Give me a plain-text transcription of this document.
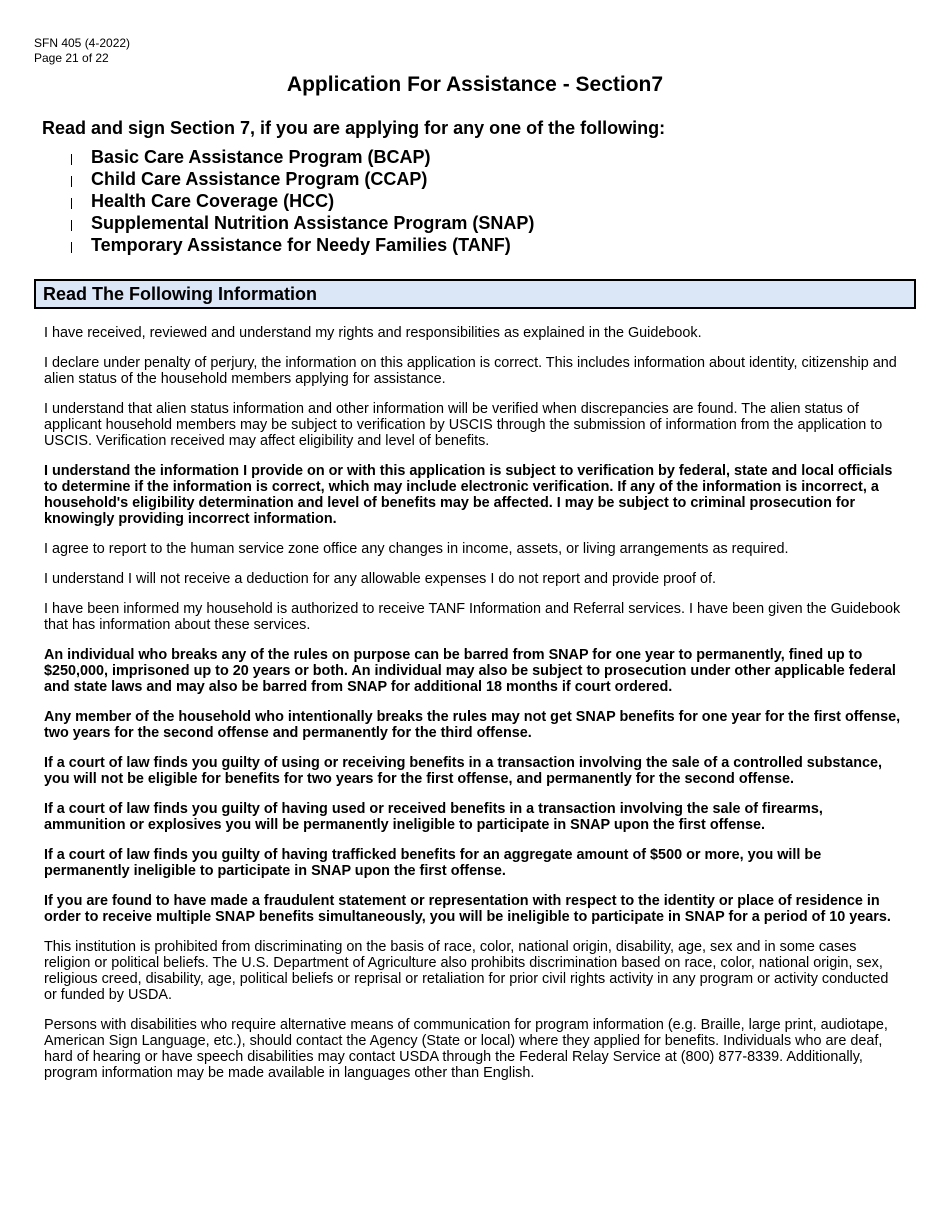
SFN 405 (4-2022)
Page 21 of 22
Application For Assistance - Section7

Read and sign Section 7, if you are applying for any one of the following:

Basic Care Assistance Program (BCAP)
Child Care Assistance Program (CCAP)
Health Care Coverage (HCC)
Supplemental Nutrition Assistance Program (SNAP)
Temporary Assistance for Needy Families (TANF)
Read The Following Information

I have received, reviewed and understand my rights and responsibilities as explained in the Guidebook.

I declare under penalty of perjury, the information on this application is correct. This includes information about identity, citizenship and alien status of the household members applying for assistance.

I understand that alien status information and other information will be verified when discrepancies are found. The alien status of applicant household members may be subject to verification by USCIS through the submission of information from the application to USCIS. Verification received may affect eligibility and level of benefits.

I understand the information I provide on or with this application is subject to verification by federal, state and local officials to determine if the information is correct, which may include electronic verification. If any of the information is incorrect, a household's eligibility determination and level of benefits may be affected. I may be subject to criminal prosecution for knowingly providing incorrect information.

I agree to report to the human service zone office any changes in income, assets, or living arrangements as required.

I understand I will not receive a deduction for any allowable expenses I do not report and provide proof of.

I have been informed my household is authorized to receive TANF Information and Referral services. I have been given the Guidebook that has information about these services.

An individual who breaks any of the rules on purpose can be barred from SNAP for one year to permanently, fined up to $250,000, imprisoned up to 20 years or both. An individual may also be subject to prosecution under other applicable federal and state laws and may also be barred from SNAP for additional 18 months if court ordered.

Any member of the household who intentionally breaks the rules may not get SNAP benefits for one year for the first offense, two years for the second offense and permanently for the third offense.

If a court of law finds you guilty of using or receiving benefits in a transaction involving the sale of a controlled substance, you will not be eligible for benefits for two years for the first offense, and permanently for the second offense.

If a court of law finds you guilty of having used or received benefits in a transaction involving the sale of firearms, ammunition or explosives you will be permanently ineligible to participate in SNAP upon the first offense.

If a court of law finds you guilty of having trafficked benefits for an aggregate amount of $500 or more, you will be permanently ineligible to participate in SNAP upon the first offense.

If you are found to have made a fraudulent statement or representation with respect to the identity or place of residence in order to receive multiple SNAP benefits simultaneously, you will be ineligible to participate in SNAP for a period of 10 years.

This institution is prohibited from discriminating on the basis of race, color, national origin, disability, age, sex and in some cases religion or political beliefs. The U.S. Department of Agriculture also prohibits discrimination based on race, color, national origin, sex, religious creed, disability, age, political beliefs or reprisal or retaliation for prior civil rights activity in any program or activity conducted or funded by USDA.

Persons with disabilities who require alternative means of communication for program information (e.g. Braille, large print, audiotape, American Sign Language, etc.), should contact the Agency (State or local) where they applied for benefits. Individuals who are deaf, hard of hearing or have speech disabilities may contact USDA through the Federal Relay Service at (800) 877-8339. Additionally, program information may be made available in languages other than English.
